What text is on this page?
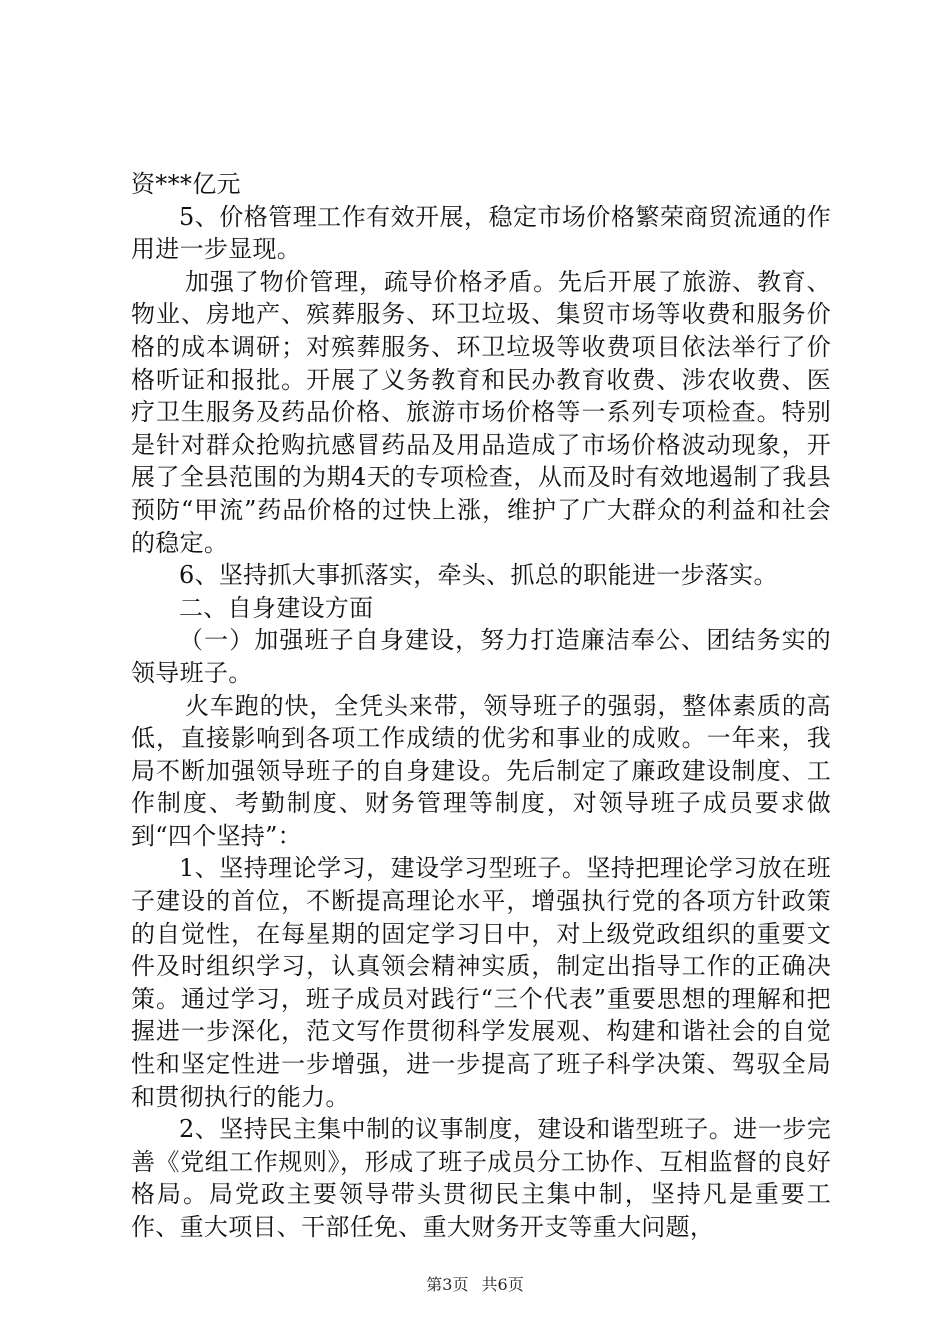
资***亿元

5、价格管理工作有效开展，稳定市场价格繁荣商贸流通的作用进一步显现。

加强了物价管理，疏导价格矛盾。先后开展了旅游、教育、物业、房地产、殡葬服务、环卫垃圾、集贸市场等收费和服务价格的成本调研；对殡葬服务、环卫垃圾等收费项目依法举行了价格听证和报批。开展了义务教育和民办教育收费、涉农收费、医疗卫生服务及药品价格、旅游市场价格等一系列专项检查。特别是针对群众抢购抗感冒药品及用品造成了市场价格波动现象，开展了全县范围的为期4天的专项检查，从而及时有效地遏制了我县预防“甲流”药品价格的过快上涨，维护了广大群众的利益和社会的稳定。

6、坚持抓大事抓落实，牵头、抓总的职能进一步落实。

二、自身建设方面

（一）加强班子自身建设，努力打造廉洁奉公、团结务实的领导班子。

火车跑的快，全凭头来带，领导班子的强弱，整体素质的高低，直接影响到各项工作成绩的优劣和事业的成败。一年来，我局不断加强领导班子的自身建设。先后制定了廉政建设制度、工作制度、考勤制度、财务管理等制度，对领导班子成员要求做到“四个坚持”：

1、坚持理论学习，建设学习型班子。坚持把理论学习放在班子建设的首位，不断提高理论水平，增强执行党的各项方针政策的自觉性，在每星期的固定学习日中，对上级党政组织的重要文件及时组织学习，认真领会精神实质，制定出指导工作的正确决策。通过学习，班子成员对践行“三个代表”重要思想的理解和把握进一步深化，范文写作贯彻科学发展观、构建和谐社会的自觉性和坚定性进一步增强，进一步提高了班子科学决策、驾驭全局和贯彻执行的能力。

2、坚持民主集中制的议事制度，建设和谐型班子。进一步完善《党组工作规则》，形成了班子成员分工协作、互相监督的良好格局。局党政主要领导带头贯彻民主集中制，坚持凡是重要工作、重大项目、干部任免、重大财务开支等重大问题，

第3页 共6页
